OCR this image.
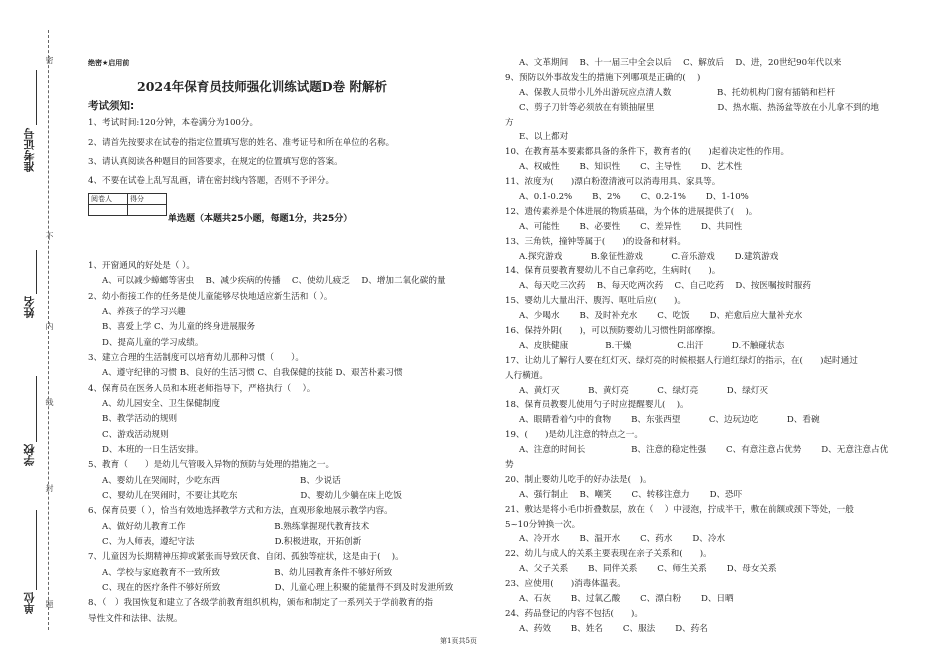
密
不
内
线
封
题
准考证号
姓名
学校
单位
绝密★启用前
2024年保育员技师强化训练试题D卷 附解析
考试须知:
1、考试时间:120分钟，本卷满分为100分。
2、请首先按要求在试卷的指定位置填写您的姓名、准考证号和所在单位的名称。
3、请认真阅读各种题目的回答要求，在规定的位置填写您的答案。
4、不要在试卷上乱写乱画，请在密封线内答题，否则不予评分。
阅卷人	得分

单选题（本题共25小题，每题1分，共25分）
1、开窗通风的好处是（ ）。
A、可以减少蟑螂等害虫　 B、减少疾病的传播　 C、使幼儿疲乏　 D、增加二氧化碳的量
2、幼小衔接工作的任务是使儿童能够尽快地适应新生活和（ ）。
A、养孩子的学习兴趣
B、喜爱上学 C、为儿童的终身进展服务
D、提高儿童的学习成绩。
3、建立合理的生活制度可以培育幼儿那种习惯（　　）。
A、遵守纪律的习惯 B、良好的生活习惯 C、自我保健的技能 D、艰苦朴素习惯
4、保育员在医务人员和本班老师指导下，严格执行（　 ）。
A、幼儿园安全、卫生保健制度
B、教学活动的规则
C、游戏活动规则
D、本班的一日生活安排。
5、教育（　　）是幼儿气管吸入异物的预防与处理的措施之一。
A、婴幼儿在哭闹时，少吃东西　　　　　　　　　 B、少说话
C、婴幼儿在哭闹时，不要让其吃东　　　　　　　 D、婴幼儿少躺在床上吃饭
6、保育员要（ ），恰当有效地选择教学方式和方法，直观形象地展示教学内容。
A、做好幼儿教育工作　　　　　　　　　　 B.熟练掌握现代教育技术
C、为人师表，遵纪守法　　　　　　　　　 D.积极进取，开拓创新
7、儿童因为长期精神压抑或紧张而导致厌食、自闭、孤独等症状，这是由于(　 )。
A、学校与家庭教育不一致所致　　　　　　 B、幼儿园教育条件不够好所致
C、现在的医疗条件不够好所致　　　　　　 D、儿童心理上积聚的能量得不到及时发泄所致
8、（　）我国恢复和建立了各级学前教育组织机构，颁布和制定了一系列关于学前教育的指
导性文件和法律、法规。
A、文革期间　 B、十一届三中全会以后　 C、解放后　 D、进，20世纪90年代以来
9、预防以外事故发生的措施下列哪项是正确的(　 )
A、保教人员带小儿外出游玩应点清人数　　　　　 B、托幼机构门窗有插销和栏杆
C、剪子刀针等必须放在有锁抽屉里　　　　　　　 D、热水瓶、热汤盆等放在小儿拿不到的地
方
E、以上都对
10、在教育基本要素都具备的条件下，教育者的(　　)起着决定性的作用。
A、权威性　　 B、知识性　　 C、主导性　　 D、艺术性
11、浓度为(　　)漂白粉澄清液可以消毒用具、家具等。
A、0.1-0.2%　　 B、2%　　 C、0.2-1%　　 D、1-10%
12、遗传素养是个体进展的物质基础，为个体的进展提供了(　 )。
A、可能性　　 B、必要性　　 C、差异性　　 D、共同性
13、三角铁，撞钟等属于(　　)的设备和材料。
A.探究游戏　　　 B.象征性游戏　　　 C.音乐游戏　　 D.建筑游戏
14、保育员要教育婴幼儿不自己拿药吃，生病时(　　)。
A、每天吃三次药　 B、每天吃两次药　 C、自己吃药　 D、按医嘱按时服药
15、婴幼儿大量出汗、腹泻、呕吐后应(　　)。
A、少喝水　　 B、及时补充水　　 C、吃饭　　 D、疟愈后应大量补充水
16、保持外阴(　　)，可以预防婴幼儿习惯性阴部摩擦。
A、皮肤健康　　　　 B.干燥　　　　　 C.出汗　　　 D.不触碰状态
17、让幼儿了解行人要在红灯灭、绿灯亮的时候根据人行道红绿灯的指示，在(　　)起时通过
人行横道。
A、黄灯灭　　　 B、黄灯亮　　　 C、绿灯亮　　　 D、绿灯灭
18、保育员教婴儿使用勺子时应提醒婴儿(　 )。
A、眼睛看着勺中的食物　　 B、东张西望　　　 C、边玩边吃　　　 D、看碗
19、(　　)是幼儿注意的特点之一。
A、注意的时间长　　　　　 B、注意的稳定性强　　 C、有意注意占优势　　 D、无意注意占优
势
20、制止婴幼儿吃手的好办法是(　)。
A、强行制止　 B、嘲笑　　 C、转移注意力　　 D、恐吓
21、敷达是将小毛巾折叠数层，放在（　 ）中浸泡，拧成半干，敷在前额或颈下等处，一般
5~10分钟换一次。
A、冷开水　　 B、温开水　　 C、药水　　 D、冷水
22、幼儿与成人的关系主要表现在亲子关系和(　　)。
A、父子关系　　 B、同伴关系　　 C、师生关系　　 D、母女关系
23、应使用(　　)消毒体温表。
A、石灰　　 B、过氧乙酸　　 C、漂白粉　　 D、日晒
24、药品登记的内容不包括(　　)。
A、药效　　 B、姓名　　 C、服法　　 D、药名
第1页共5页
